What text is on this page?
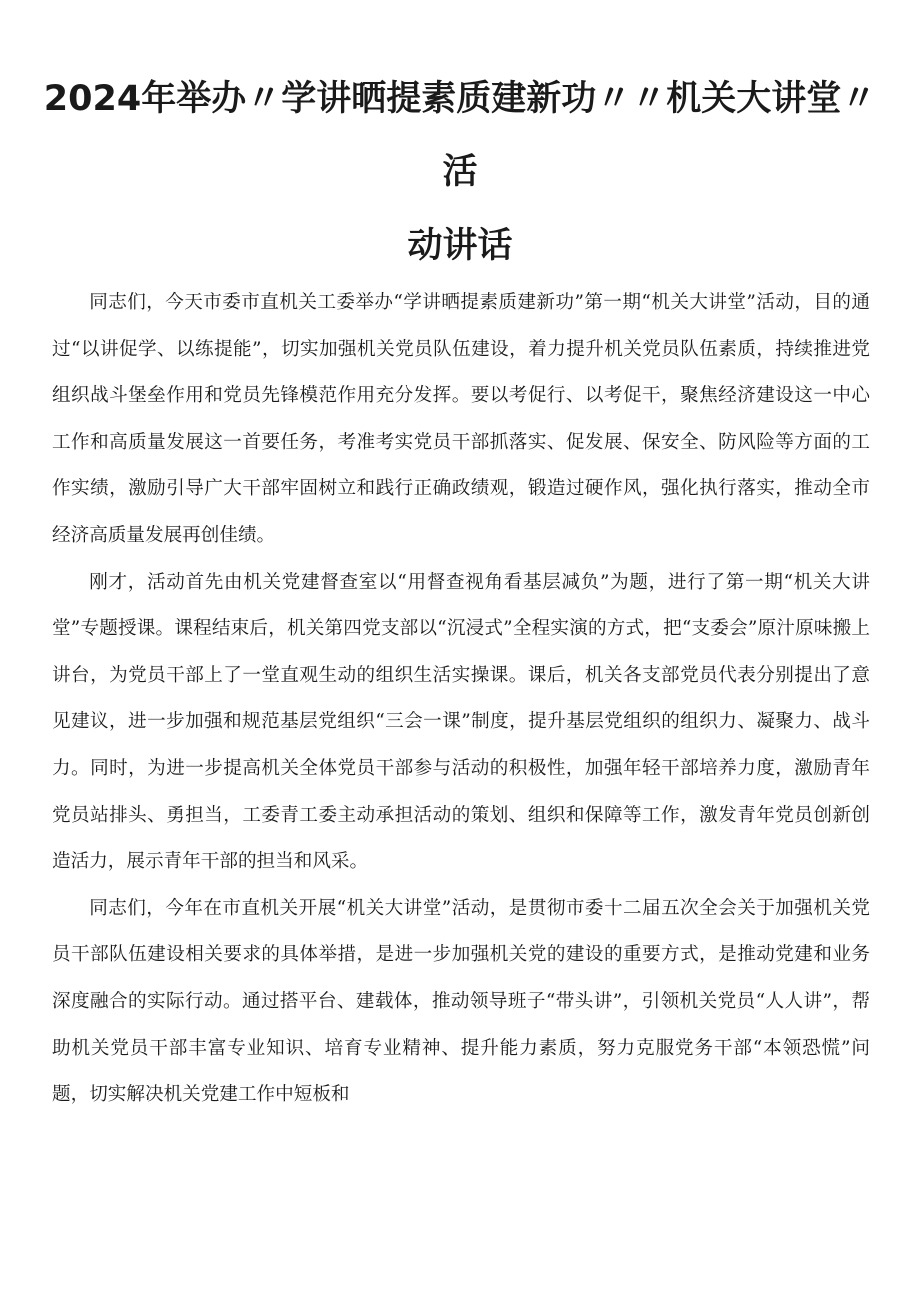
2024年举办〃学讲晒提素质建新功〃〃机关大讲堂〃
活
动讲话

同志们，今天市委市直机关工委举办“学讲晒提素质建新功”第一期“机关大讲堂”活动，目的通过“以讲促学、以练提能”，切实加强机关党员队伍建设，着力提升机关党员队伍素质，持续推进党组织战斗堡垒作用和党员先锋模范作用充分发挥。要以考促行、以考促干，聚焦经济建设这一中心工作和高质量发展这一首要任务，考准考实党员干部抓落实、促发展、保安全、防风险等方面的工作实绩，激励引导广大干部牢固树立和践行正确政绩观，锻造过硬作风，强化执行落实，推动全市经济高质量发展再创佳绩。

刚才，活动首先由机关党建督查室以“用督查视角看基层减负”为题，进行了第一期“机关大讲堂”专题授课。课程结束后，机关第四党支部以“沉浸式”全程实演的方式，把“支委会”原汁原味搬上讲台，为党员干部上了一堂直观生动的组织生活实操课。课后，机关各支部党员代表分别提出了意见建议，进一步加强和规范基层党组织“三会一课”制度，提升基层党组织的组织力、凝聚力、战斗力。同时，为进一步提高机关全体党员干部参与活动的积极性，加强年轻干部培养力度，激励青年党员站排头、勇担当，工委青工委主动承担活动的策划、组织和保障等工作，激发青年党员创新创造活力，展示青年干部的担当和风采。

同志们，今年在市直机关开展“机关大讲堂”活动，是贯彻市委十二届五次全会关于加强机关党员干部队伍建设相关要求的具体举措，是进一步加强机关党的建设的重要方式，是推动党建和业务深度融合的实际行动。通过搭平台、建载体，推动领导班子“带头讲”，引领机关党员“人人讲”，帮助机关党员干部丰富专业知识、培育专业精神、提升能力素质，努力克服党务干部“本领恐慌”问题，切实解决机关党建工作中短板和
